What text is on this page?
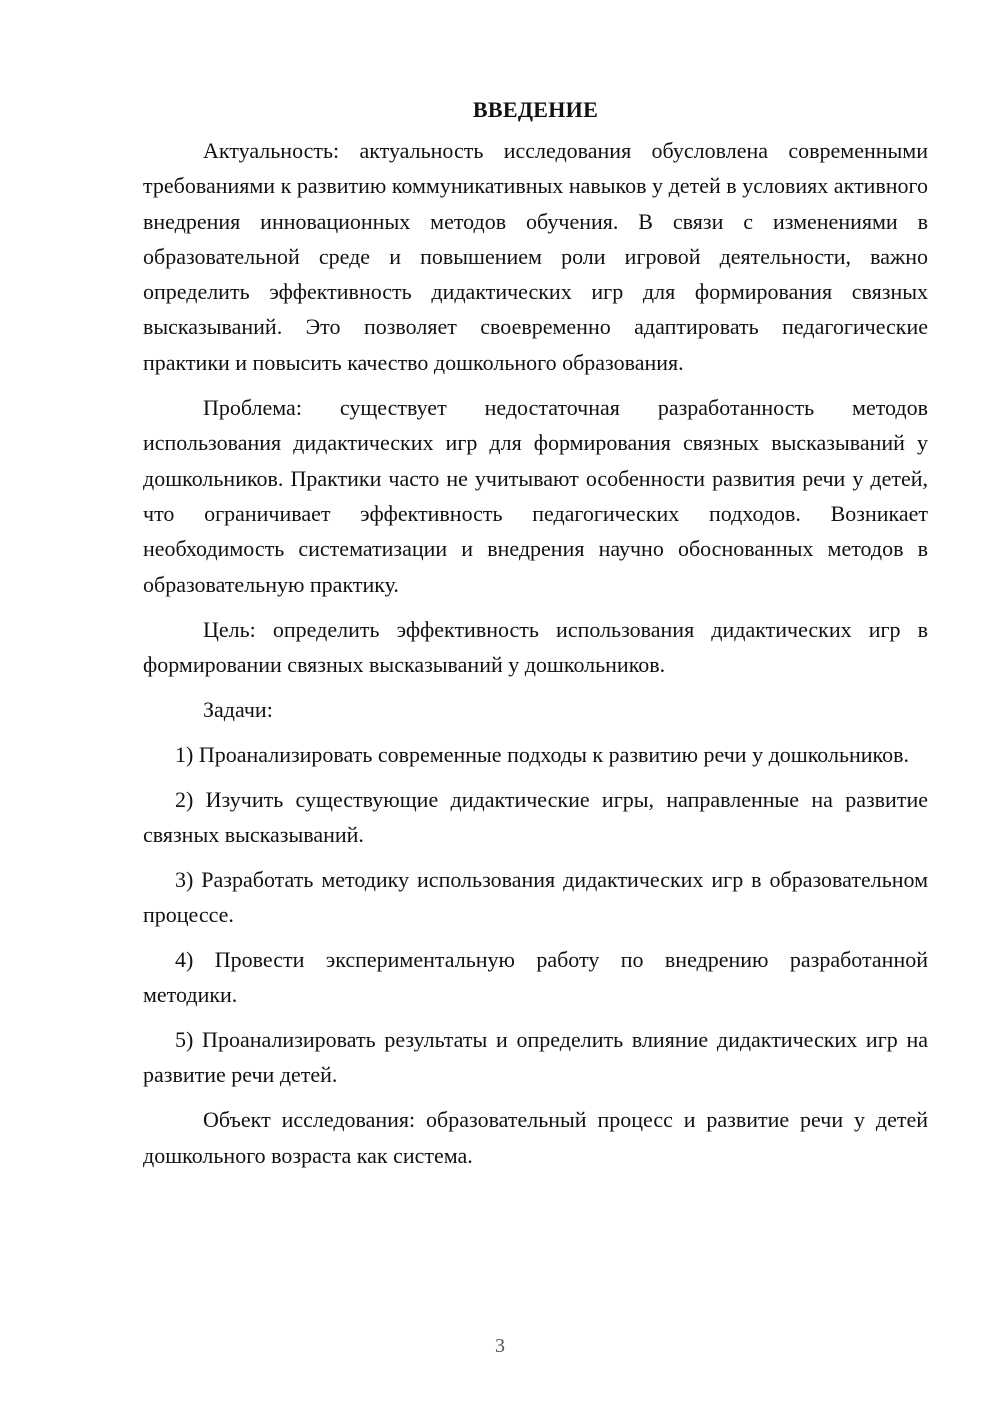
ВВЕДЕНИЕ

Актуальность: актуальность исследования обусловлена современными требованиями к развитию коммуникативных навыков у детей в условиях активного внедрения инновационных методов обучения. В связи с изменениями в образовательной среде и повышением роли игровой деятельности, важно определить эффективность дидактических игр для формирования связных высказываний. Это позволяет своевременно адаптировать педагогические практики и повысить качество дошкольного образования.

Проблема: существует недостаточная разработанность методов использования дидактических игр для формирования связных высказываний у дошкольников. Практики часто не учитывают особенности развития речи у детей, что ограничивает эффективность педагогических подходов. Возникает необходимость систематизации и внедрения научно обоснованных методов в образовательную практику.

Цель: определить эффективность использования дидактических игр в формировании связных высказываний у дошкольников.

Задачи:

1) Проанализировать современные подходы к развитию речи у дошкольников.

2) Изучить существующие дидактические игры, направленные на развитие связных высказываний.

3) Разработать методику использования дидактических игр в образовательном процессе.

4) Провести экспериментальную работу по внедрению разработанной методики.

5) Проанализировать результаты и определить влияние дидактических игр на развитие речи детей.

Объект исследования: образовательный процесс и развитие речи у детей дошкольного возраста как система.

3
